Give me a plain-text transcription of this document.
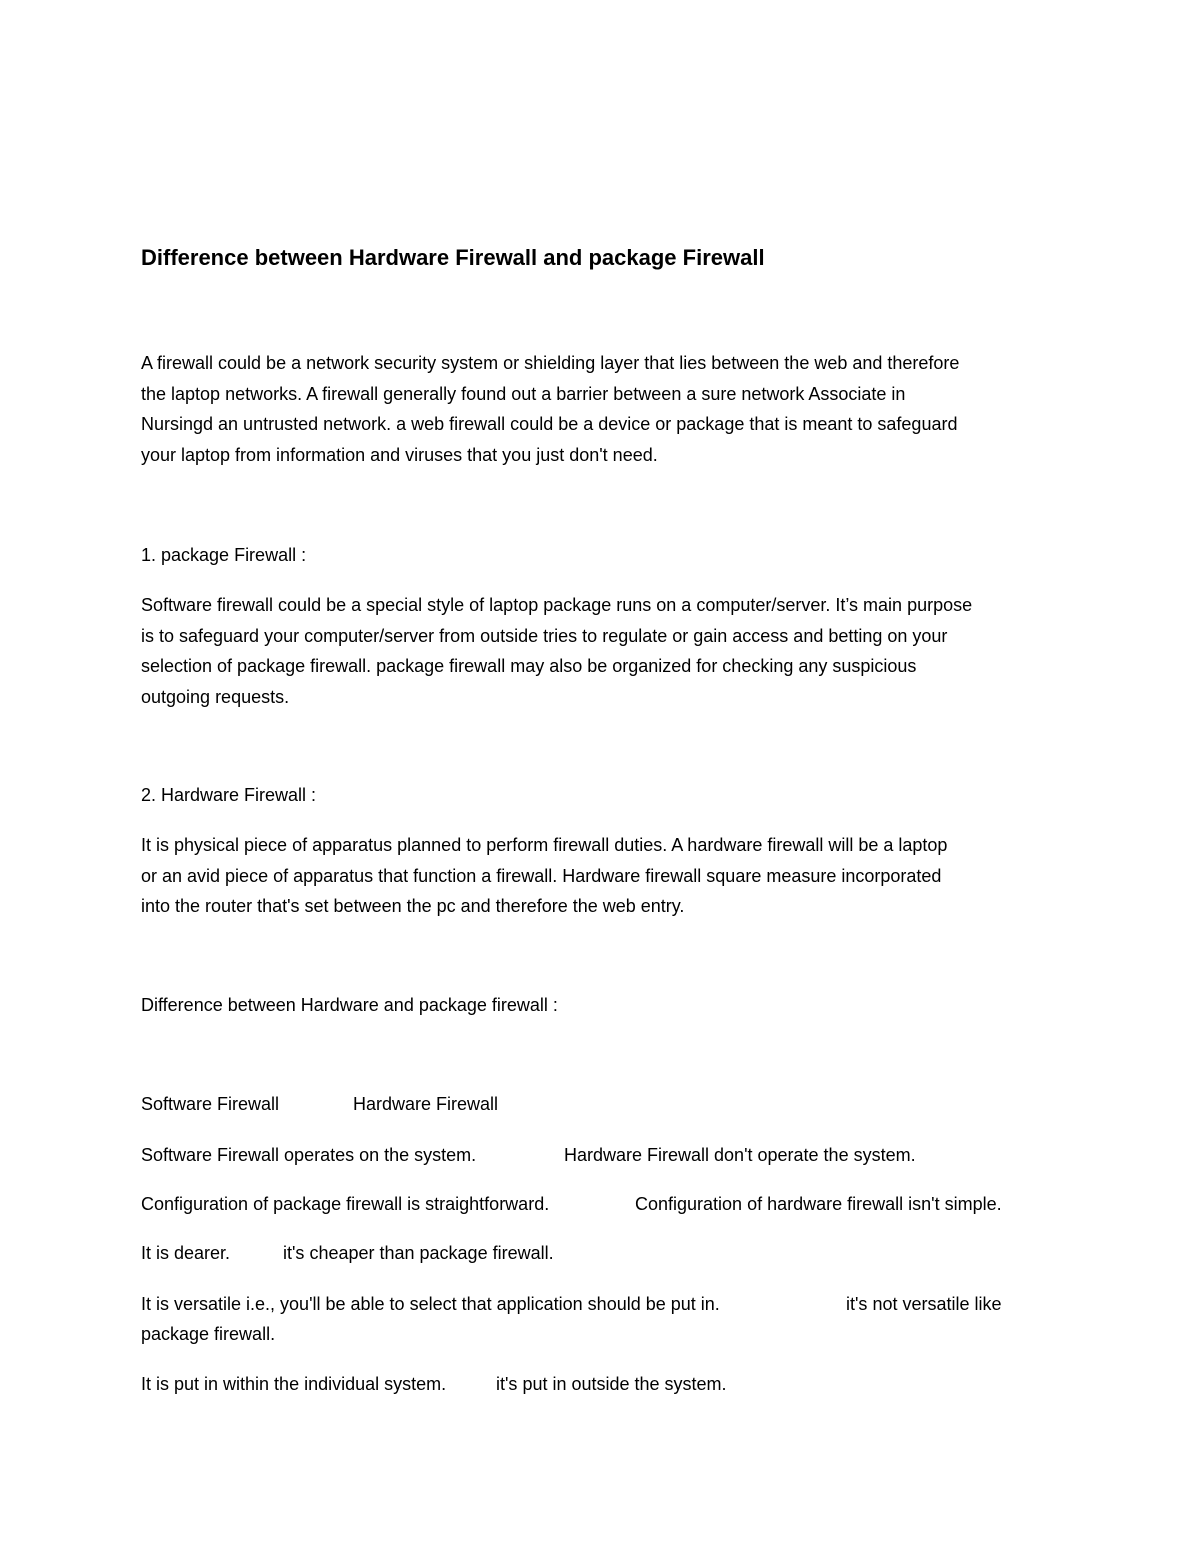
Difference between Hardware Firewall and package Firewall
A firewall could be a network security system or shielding layer that lies between the web and therefore
the laptop networks. A firewall generally found out a barrier between a sure network Associate in
Nursingd an untrusted network. a web firewall could be a device or package that is meant to safeguard
your laptop from information and viruses that you just don't need.

1. package Firewall :

Software firewall could be a special style of laptop package runs on a computer/server. It’s main purpose
is to safeguard your computer/server from outside tries to regulate or gain access and betting on your
selection of package firewall. package firewall may also be organized for checking any suspicious
outgoing requests.

2. Hardware Firewall :

It is physical piece of apparatus planned to perform firewall duties. A hardware firewall will be a laptop
or an avid piece of apparatus that function a firewall. Hardware firewall square measure incorporated
into the router that's set between the pc and therefore the web entry.

Difference between Hardware and package firewall :

Software Firewall	Hardware Firewall
Software Firewall operates on the system.	Hardware Firewall don't operate the system.
Configuration of package firewall is straightforward.	Configuration of hardware firewall isn't simple.
It is dearer.	it's cheaper than package firewall.
It is versatile i.e., you'll be able to select that application should be put in.	it's not versatile like
package firewall.
It is put in within the individual system.	it's put in outside the system.
